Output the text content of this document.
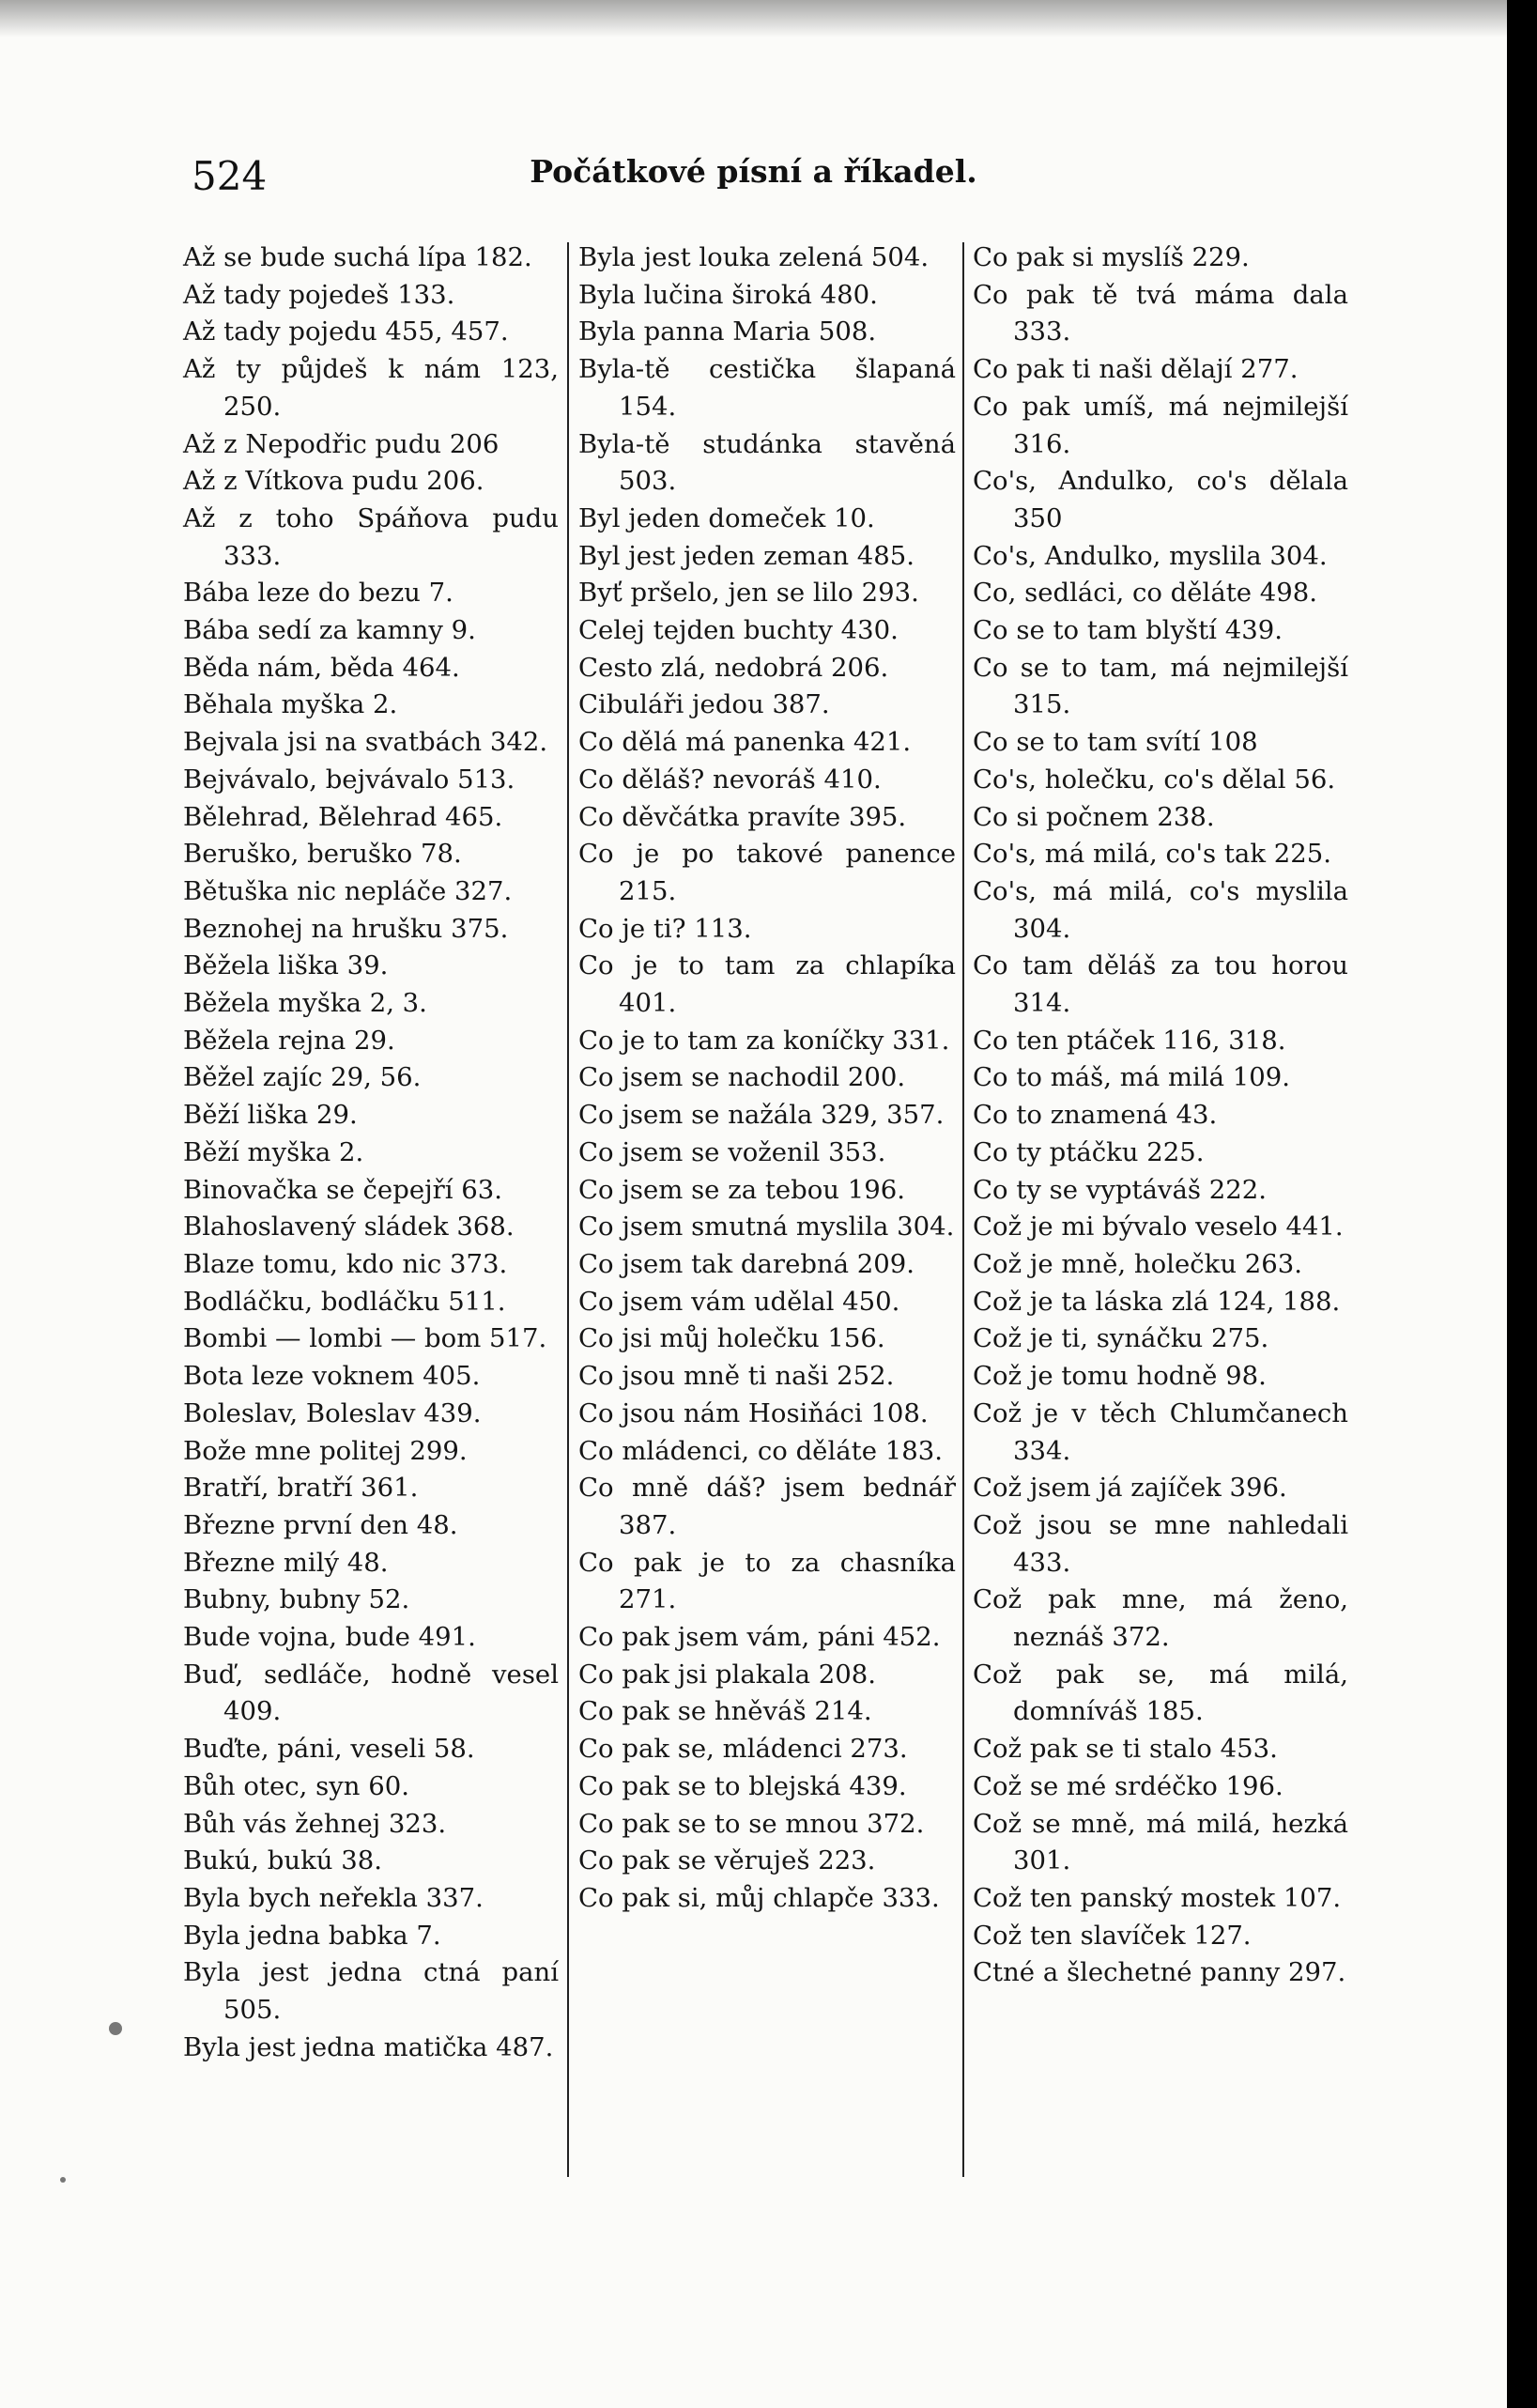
524	Počátkové písní a říkadel.

Až se bude suchá lípa 182.

Až tady pojedeš 133.

Až tady pojedu 455, 457.

Až ty půjdeš k nám 123, 250.

Až z Nepodřic pudu 206

Až z Vítkova pudu 206.

Až z toho Spáňova pudu 333.

Bába leze do bezu 7.

Bába sedí za kamny 9.

Běda nám, běda 464.

Běhala myška 2.

Bejvala jsi na svatbách 342.

Bejvávalo, bejvávalo 513.

Bělehrad, Bělehrad 465.

Beruško, beruško 78.

Bětuška nic nepláče 327.

Beznohej na hrušku 375.

Běžela liška 39.

Běžela myška 2, 3.

Běžela rejna 29.

Běžel zajíc 29, 56.

Běží liška 29.

Běží myška 2.

Binovačka se čepejří 63.

Blahoslavený sládek 368.

Blaze tomu, kdo nic 373.

Bodláčku, bodláčku 511.

Bombi — lombi — bom 517.

Bota leze voknem 405.

Boleslav, Boleslav 439.

Bože mne politej 299.

Bratří, bratří 361.

Březne první den 48.

Březne milý 48.

Bubny, bubny 52.

Bude vojna, bude 491.

Buď, sedláče, hodně vesel 409.

Buďte, páni, veseli 58.

Bůh otec, syn 60.

Bůh vás žehnej 323.

Bukú, bukú 38.

Byla bych neřekla 337.

Byla jedna babka 7.

Byla jest jedna ctná paní 505.

Byla jest jedna matička 487.

Byla jest louka zelená 504.

Byla lučina široká 480.

Byla panna Maria 508.

Byla-tě cestička šlapaná 154.

Byla-tě studánka stavěná 503.

Byl jeden domeček 10.

Byl jest jeden zeman 485.

Byť pršelo, jen se lilo 293.

Celej tejden buchty 430.

Cesto zlá, nedobrá 206.

Cibuláři jedou 387.

Co dělá má panenka 421.

Co děláš? nevoráš 410.

Co děvčátka pravíte 395.

Co je po takové panence 215.

Co je ti? 113.

Co je to tam za chlapíka 401.

Co je to tam za koníčky 331.

Co jsem se nachodil 200.

Co jsem se nažála 329, 357.

Co jsem se voženil 353.

Co jsem se za tebou 196.

Co jsem smutná myslila 304.

Co jsem tak darebná 209.

Co jsem vám udělal 450.

Co jsi můj holečku 156.

Co jsou mně ti naši 252.

Co jsou nám Hosiňáci 108.

Co mládenci, co děláte 183.

Co mně dáš? jsem bednář 387.

Co pak je to za chasníka 271.

Co pak jsem vám, páni 452.

Co pak jsi plakala 208.

Co pak se hněváš 214.

Co pak se, mládenci 273.

Co pak se to blejská 439.

Co pak se to se mnou 372.

Co pak se věruješ 223.

Co pak si, můj chlapče 333.

Co pak si myslíš 229.

Co pak tě tvá máma dala 333.

Co pak ti naši dělají 277.

Co pak umíš, má nejmilejší 316.

Co's, Andulko, co's dělala 350

Co's, Andulko, myslila 304.

Co, sedláci, co děláte 498.

Co se to tam blyští 439.

Co se to tam, má nejmilejší 315.

Co se to tam svítí 108

Co's, holečku, co's dělal 56.

Co si počnem 238.

Co's, má milá, co's tak 225.

Co's, má milá, co's myslila 304.

Co tam děláš za tou horou 314.

Co ten ptáček 116, 318.

Co to máš, má milá 109.

Co to znamená 43.

Co ty ptáčku 225.

Co ty se vyptáváš 222.

Což je mi bývalo veselo 441.

Což je mně, holečku 263.

Což je ta láska zlá 124, 188.

Což je ti, synáčku 275.

Což je tomu hodně 98.

Což je v těch Chlumčanech 334.

Což jsem já zajíček 396.

Což jsou se mne nahledali 433.

Což pak mne, má ženo, neznáš 372.

Což pak se, má milá, domníváš 185.

Což pak se ti stalo 453.

Což se mé srdéčko 196.

Což se mně, má milá, hezká 301.

Což ten panský mostek 107.

Což ten slavíček 127.

Ctné a šlechetné panny 297.
